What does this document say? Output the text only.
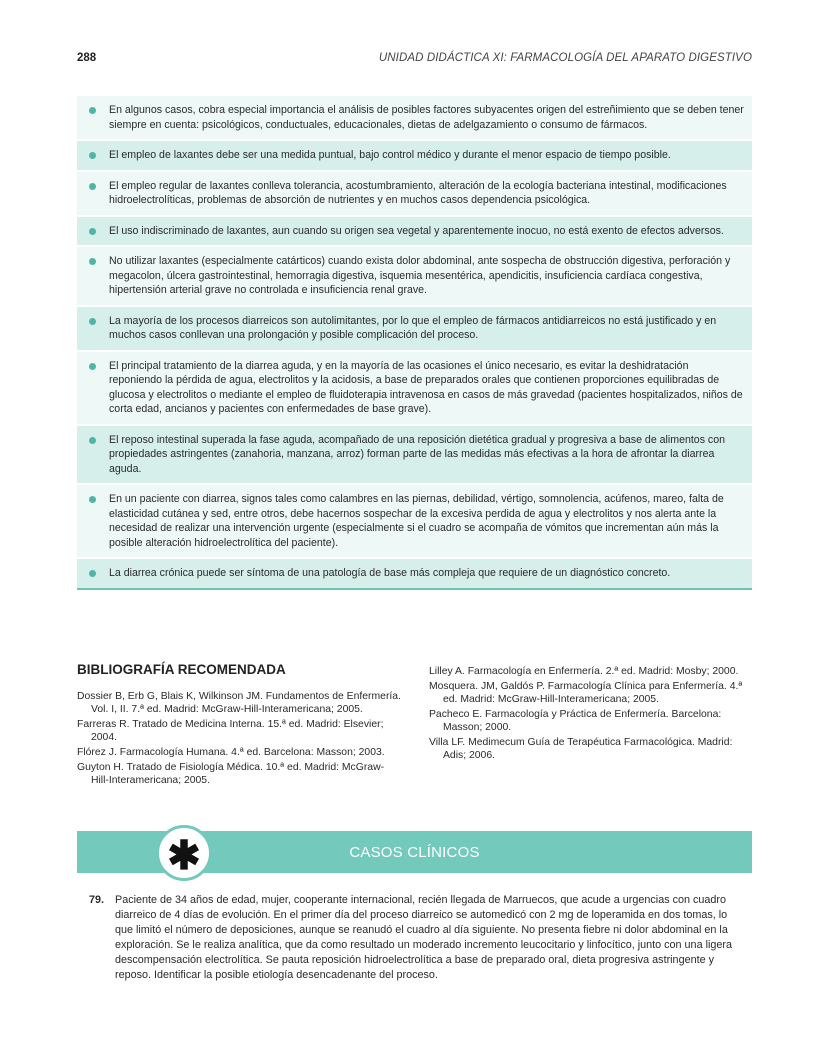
288	UNIDAD DIDÁCTICA XI: FARMACOLOGÍA DEL APARATO DIGESTIVO
En algunos casos, cobra especial importancia el análisis de posibles factores subyacentes origen del estreñimiento que se deben tener siempre en cuenta: psicológicos, conductuales, educacionales, dietas de adelgazamiento o consumo de fármacos.
El empleo de laxantes debe ser una medida puntual, bajo control médico y durante el menor espacio de tiempo posible.
El empleo regular de laxantes conlleva tolerancia, acostumbramiento, alteración de la ecología bacteriana intestinal, modificaciones hidroelectrolíticas, problemas de absorción de nutrientes y en muchos casos dependencia psicológica.
El uso indiscriminado de laxantes, aun cuando su origen sea vegetal y aparentemente inocuo, no está exento de efectos adversos.
No utilizar laxantes (especialmente catárticos) cuando exista dolor abdominal, ante sospecha de obstrucción digestiva, perforación y megacolon, úlcera gastrointestinal, hemorragia digestiva, isquemia mesentérica, apendicitis, insuficiencia cardíaca congestiva, hipertensión arterial grave no controlada e insuficiencia renal grave.
La mayoría de los procesos diarreicos son autolimitantes, por lo que el empleo de fármacos antidiarreicos no está justificado y en muchos casos conllevan una prolongación y posible complicación del proceso.
El principal tratamiento de la diarrea aguda, y en la mayoría de las ocasiones el único necesario, es evitar la deshidratación reponiendo la pérdida de agua, electrolitos y la acidosis, a base de preparados orales que contienen proporciones equilibradas de glucosa y electrolitos o mediante el empleo de fluidoterapia intravenosa en casos de más gravedad (pacientes hospitalizados, niños de corta edad, ancianos y pacientes con enfermedades de base grave).
El reposo intestinal superada la fase aguda, acompañado de una reposición dietética gradual y progresiva a base de alimentos con propiedades astringentes (zanahoria, manzana, arroz) forman parte de las medidas más efectivas a la hora de afrontar la diarrea aguda.
En un paciente con diarrea, signos tales como calambres en las piernas, debilidad, vértigo, somnolencia, acúfenos, mareo, falta de elasticidad cutánea y sed, entre otros, debe hacernos sospechar de la excesiva perdida de agua y electrolitos y nos alerta ante la necesidad de realizar una intervención urgente (especialmente si el cuadro se acompaña de vómitos que incrementan aún más la posible alteración hidroelectrolítica del paciente).
La diarrea crónica puede ser síntoma de una patología de base más compleja que requiere de un diagnóstico concreto.
BIBLIOGRAFÍA RECOMENDADA
Dossier B, Erb G, Blais K, Wilkinson JM. Fundamentos de Enfermería. Vol. I, II. 7.ª ed. Madrid: McGraw-Hill-Interamericana; 2005.
Farreras R. Tratado de Medicina Interna. 15.ª ed. Madrid: Elsevier; 2004.
Flórez J. Farmacología Humana. 4.ª ed. Barcelona: Masson; 2003.
Guyton H. Tratado de Fisiología Médica. 10.ª ed. Madrid: McGraw-Hill-Interamericana; 2005.
Lilley A. Farmacología en Enfermería. 2.ª ed. Madrid: Mosby; 2000.
Mosquera. JM, Galdós P. Farmacología Clínica para Enfermería. 4.ª ed. Madrid: McGraw-Hill-Interamericana; 2005.
Pacheco E. Farmacología y Práctica de Enfermería. Barcelona: Masson; 2000.
Villa LF. Medimecum Guía de Terapéutica Farmacológica. Madrid: Adis; 2006.
CASOS CLÍNICOS
✱
79. Paciente de 34 años de edad, mujer, cooperante internacional, recién llegada de Marruecos, que acude a urgencias con cuadro diarreico de 4 días de evolución. En el primer día del proceso diarreico se automedicó con 2 mg de loperamida en dos tomas, lo que limitó el número de deposiciones, aunque se reanudó el cuadro al día siguiente. No presenta fiebre ni dolor abdominal en la exploración. Se le realiza analítica, que da como resultado un moderado incremento leucocitario y linfocítico, junto con una ligera descompensación electrolítica. Se pauta reposición hidroelectrolítica a base de preparado oral, dieta progresiva astringente y reposo. Identificar la posible etiología desencadenante del proceso.
